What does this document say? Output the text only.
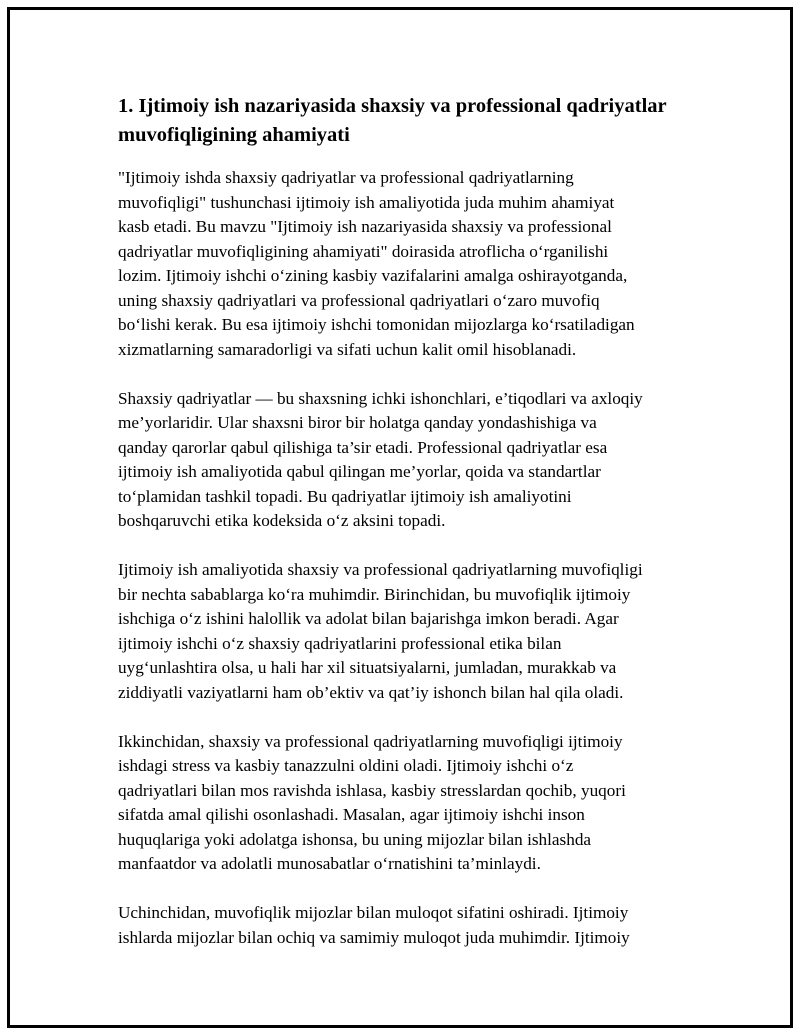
1. Ijtimoiy ish nazariyasida shaxsiy va professional qadriyatlar
muvofiqligining ahamiyati

"Ijtimoiy ishda shaxsiy qadriyatlar va professional qadriyatlarning
muvofiqligi" tushunchasi ijtimoiy ish amaliyotida juda muhim ahamiyat
kasb etadi. Bu mavzu "Ijtimoiy ish nazariyasida shaxsiy va professional
qadriyatlar muvofiqligining ahamiyati" doirasida atroflicha o‘rganilishi
lozim. Ijtimoiy ishchi o‘zining kasbiy vazifalarini amalga oshirayotganda,
uning shaxsiy qadriyatlari va professional qadriyatlari o‘zaro muvofiq
bo‘lishi kerak. Bu esa ijtimoiy ishchi tomonidan mijozlarga ko‘rsatiladigan
xizmatlarning samaradorligi va sifati uchun kalit omil hisoblanadi.

Shaxsiy qadriyatlar — bu shaxsning ichki ishonchlari, e’tiqodlari va axloqiy
me’yorlaridir. Ular shaxsni biror bir holatga qanday yondashishiga va
qanday qarorlar qabul qilishiga ta’sir etadi. Professional qadriyatlar esa
ijtimoiy ish amaliyotida qabul qilingan me’yorlar, qoida va standartlar
to‘plamidan tashkil topadi. Bu qadriyatlar ijtimoiy ish amaliyotini
boshqaruvchi etika kodeksida o‘z aksini topadi.

Ijtimoiy ish amaliyotida shaxsiy va professional qadriyatlarning muvofiqligi
bir nechta sabablarga ko‘ra muhimdir. Birinchidan, bu muvofiqlik ijtimoiy
ishchiga o‘z ishini halollik va adolat bilan bajarishga imkon beradi. Agar
ijtimoiy ishchi o‘z shaxsiy qadriyatlarini professional etika bilan
uyg‘unlashtira olsa, u hali har xil situatsiyalarni, jumladan, murakkab va
ziddiyatli vaziyatlarni ham ob’ektiv va qat’iy ishonch bilan hal qila oladi.

Ikkinchidan, shaxsiy va professional qadriyatlarning muvofiqligi ijtimoiy
ishdagi stress va kasbiy tanazzulni oldini oladi. Ijtimoiy ishchi o‘z
qadriyatlari bilan mos ravishda ishlasa, kasbiy stresslardan qochib, yuqori
sifatda amal qilishi osonlashadi. Masalan, agar ijtimoiy ishchi inson
huquqlariga yoki adolatga ishonsa, bu uning mijozlar bilan ishlashda
manfaatdor va adolatli munosabatlar o‘rnatishini ta’minlaydi.

Uchinchidan, muvofiqlik mijozlar bilan muloqot sifatini oshiradi. Ijtimoiy
ishlarda mijozlar bilan ochiq va samimiy muloqot juda muhimdir. Ijtimoiy
